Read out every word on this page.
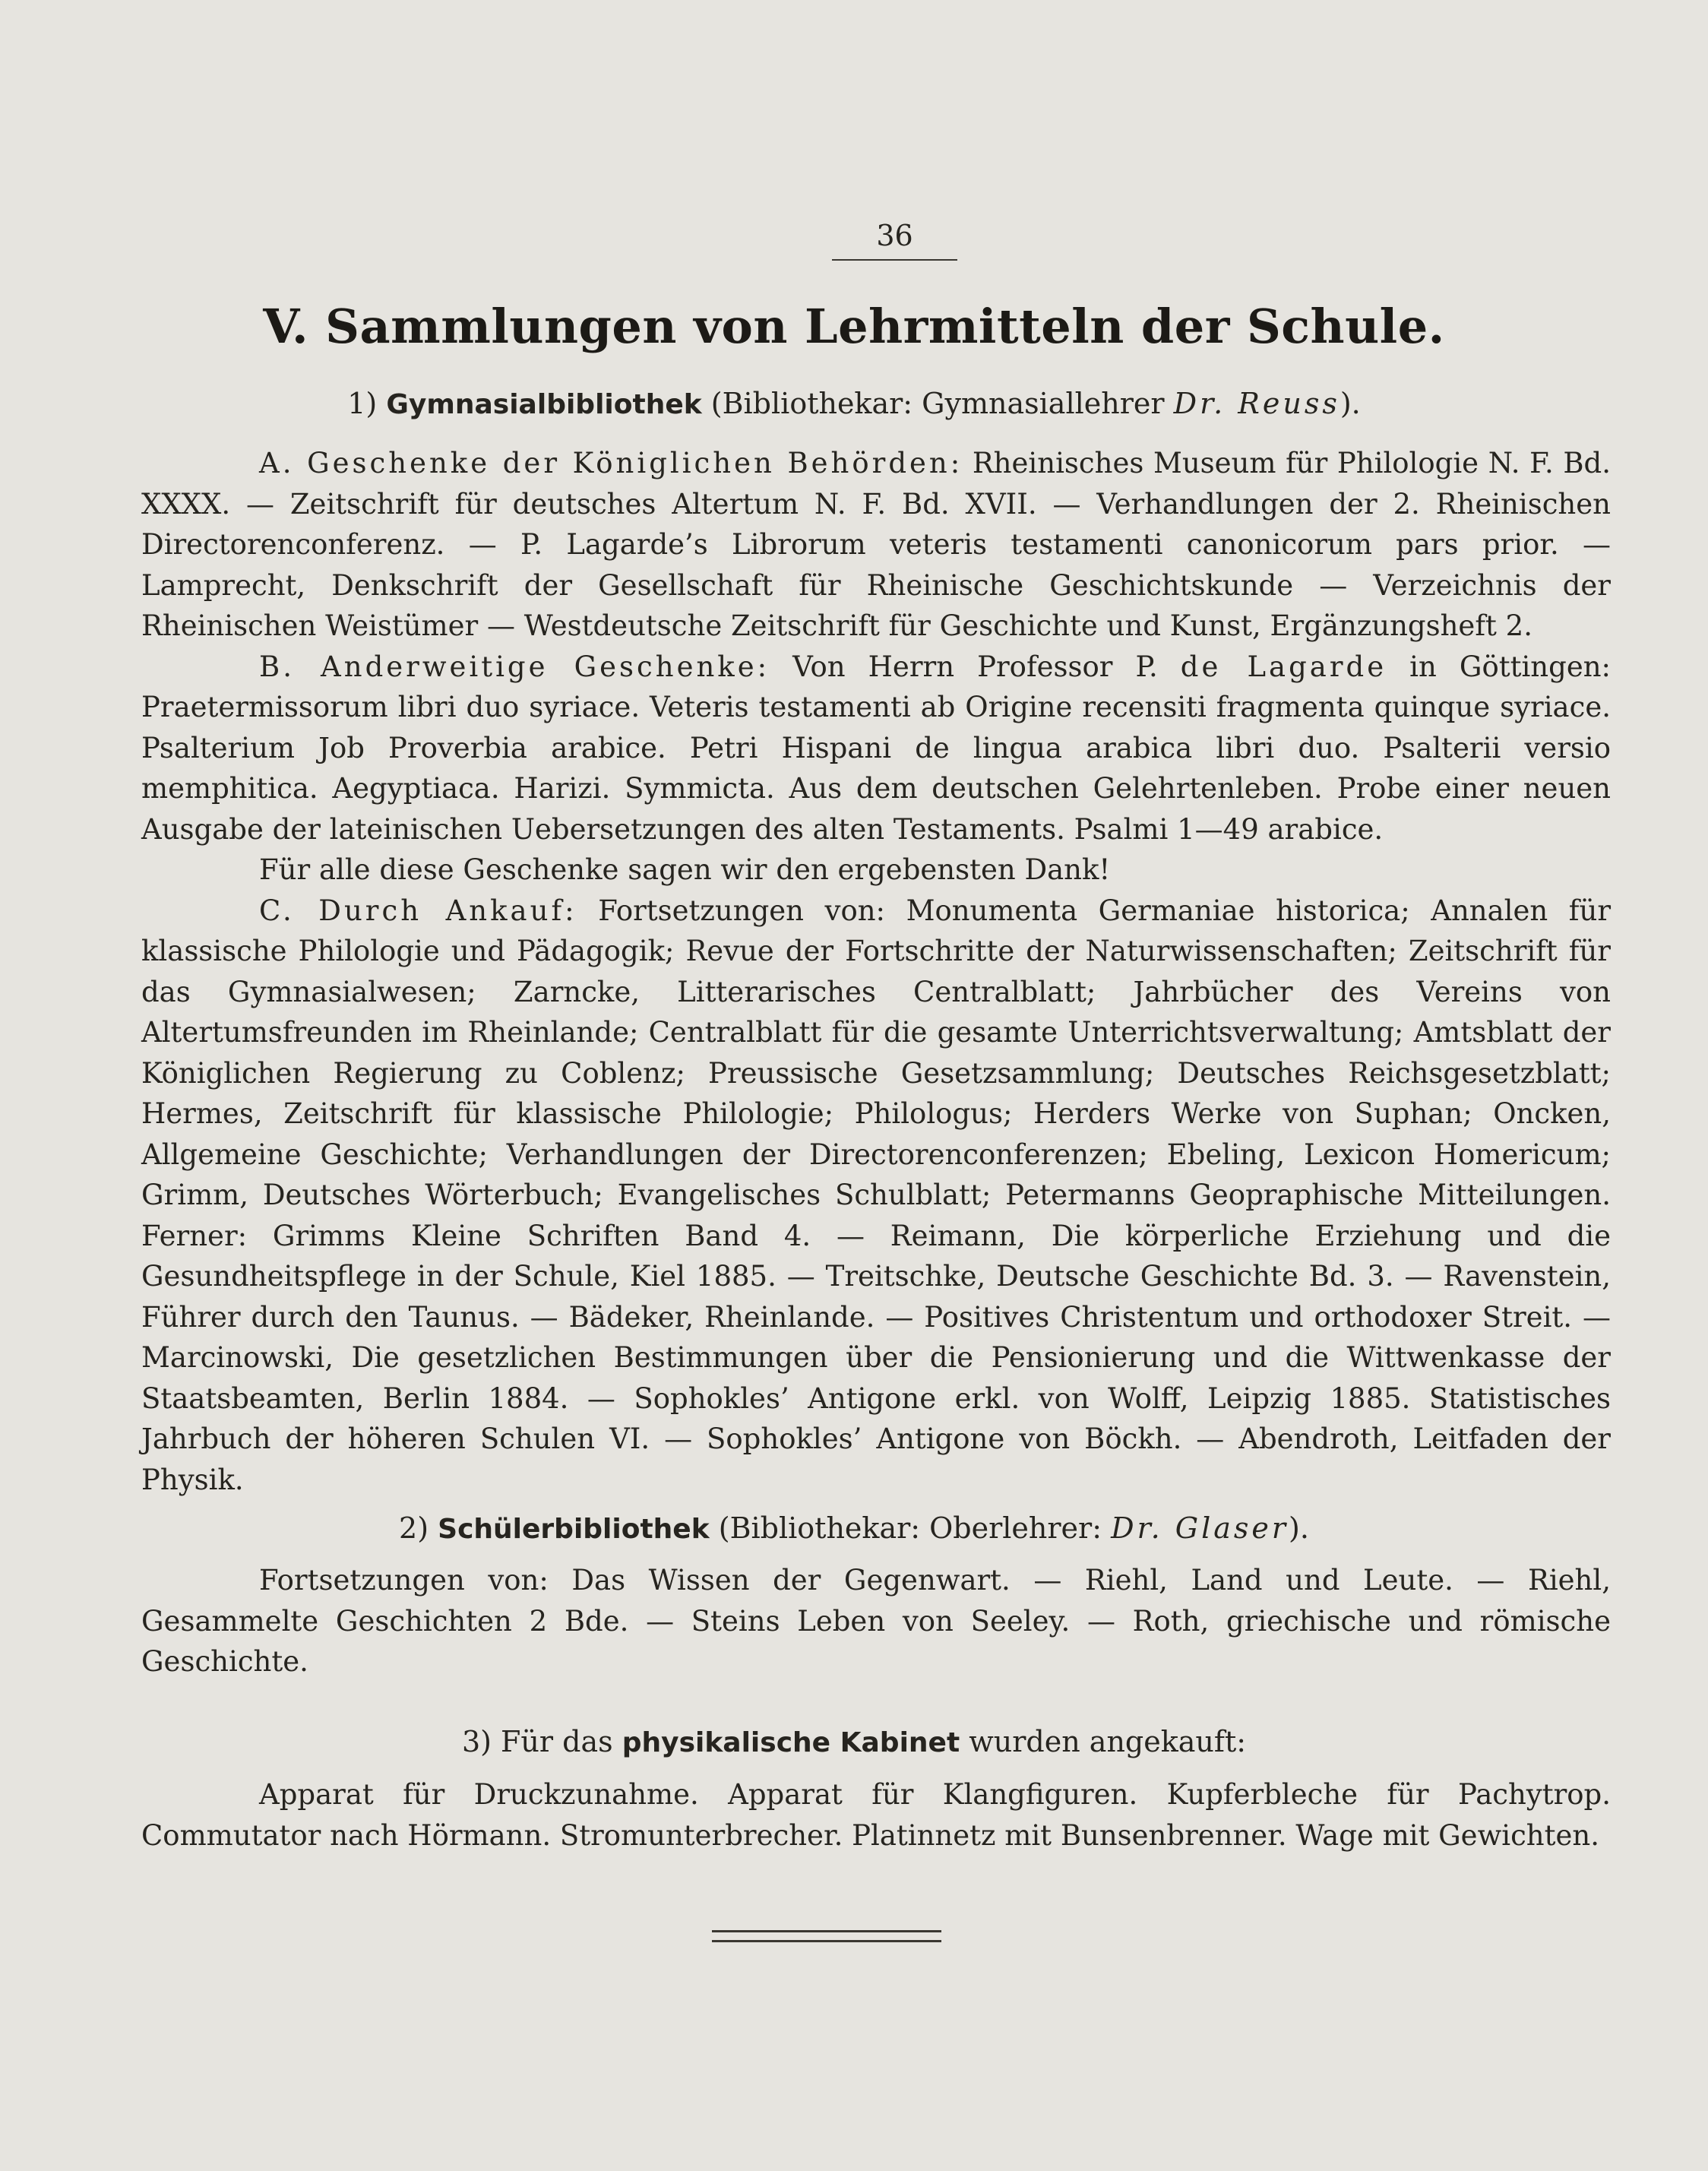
36
V. Sammlungen von Lehrmitteln der Schule.
1) Gymnasialbibliothek (Bibliothekar: Gymnasiallehrer Dr. Reuss).

A. Geschenke der Königlichen Behörden: Rheinisches Museum für Philologie N. F. Bd. XXXX. — Zeitschrift für deutsches Altertum N. F. Bd. XVII. — Verhandlungen der 2. Rheinischen Directorenconferenz. — P. Lagarde’s Librorum veteris testamenti canonicorum pars prior. — Lamprecht, Denkschrift der Gesellschaft für Rheinische Geschichtskunde — Verzeichnis der Rheinischen Weistümer — Westdeutsche Zeitschrift für Geschichte und Kunst, Ergänzungsheft 2.

B. Anderweitige Geschenke: Von Herrn Professor P. de Lagarde in Göttingen: Praetermissorum libri duo syriace. Veteris testamenti ab Origine recensiti fragmenta quinque syriace. Psalterium Job Proverbia arabice. Petri Hispani de lingua arabica libri duo. Psalterii versio memphitica. Aegyptiaca. Harizi. Symmicta. Aus dem deutschen Gelehrtenleben. Probe einer neuen Ausgabe der lateinischen Uebersetzungen des alten Testaments. Psalmi 1—49 arabice.

Für alle diese Geschenke sagen wir den ergebensten Dank!

C. Durch Ankauf: Fortsetzungen von: Monumenta Germaniae historica; Annalen für klassische Philologie und Pädagogik; Revue der Fortschritte der Naturwissenschaften; Zeitschrift für das Gymnasialwesen; Zarncke, Litterarisches Centralblatt; Jahrbücher des Vereins von Altertumsfreunden im Rheinlande; Centralblatt für die gesamte Unterrichtsverwaltung; Amtsblatt der Königlichen Regierung zu Coblenz; Preussische Gesetzsammlung; Deutsches Reichsgesetzblatt; Hermes, Zeitschrift für klassische Philologie; Philologus; Herders Werke von Suphan; Oncken, Allgemeine Geschichte; Verhandlungen der Directorenconferenzen; Ebeling, Lexicon Homericum; Grimm, Deutsches Wörterbuch; Evangelisches Schulblatt; Petermanns Geopraphische Mitteilungen. Ferner: Grimms Kleine Schriften Band 4. — Reimann, Die körperliche Erziehung und die Gesundheitspflege in der Schule, Kiel 1885. — Treitschke, Deutsche Geschichte Bd. 3. — Ravenstein, Führer durch den Taunus. — Bädeker, Rheinlande. — Positives Christentum und orthodoxer Streit. — Marcinowski, Die gesetzlichen Bestimmungen über die Pensionierung und die Wittwenkasse der Staatsbeamten, Berlin 1884. — Sophokles’ Antigone erkl. von Wolff, Leipzig 1885. Statistisches Jahrbuch der höheren Schulen VI. — Sophokles’ Antigone von Böckh. — Abendroth, Leitfaden der Physik.

2) Schülerbibliothek (Bibliothekar: Oberlehrer: Dr. Glaser).

Fortsetzungen von: Das Wissen der Gegenwart. — Riehl, Land und Leute. — Riehl, Gesammelte Geschichten 2 Bde. — Steins Leben von Seeley. — Roth, griechische und römische Geschichte.

3) Für das physikalische Kabinet wurden angekauft:

Apparat für Druckzunahme. Apparat für Klangfiguren. Kupferbleche für Pachytrop. Commutator nach Hörmann. Stromunterbrecher. Platinnetz mit Bunsenbrenner. Wage mit Gewichten.
